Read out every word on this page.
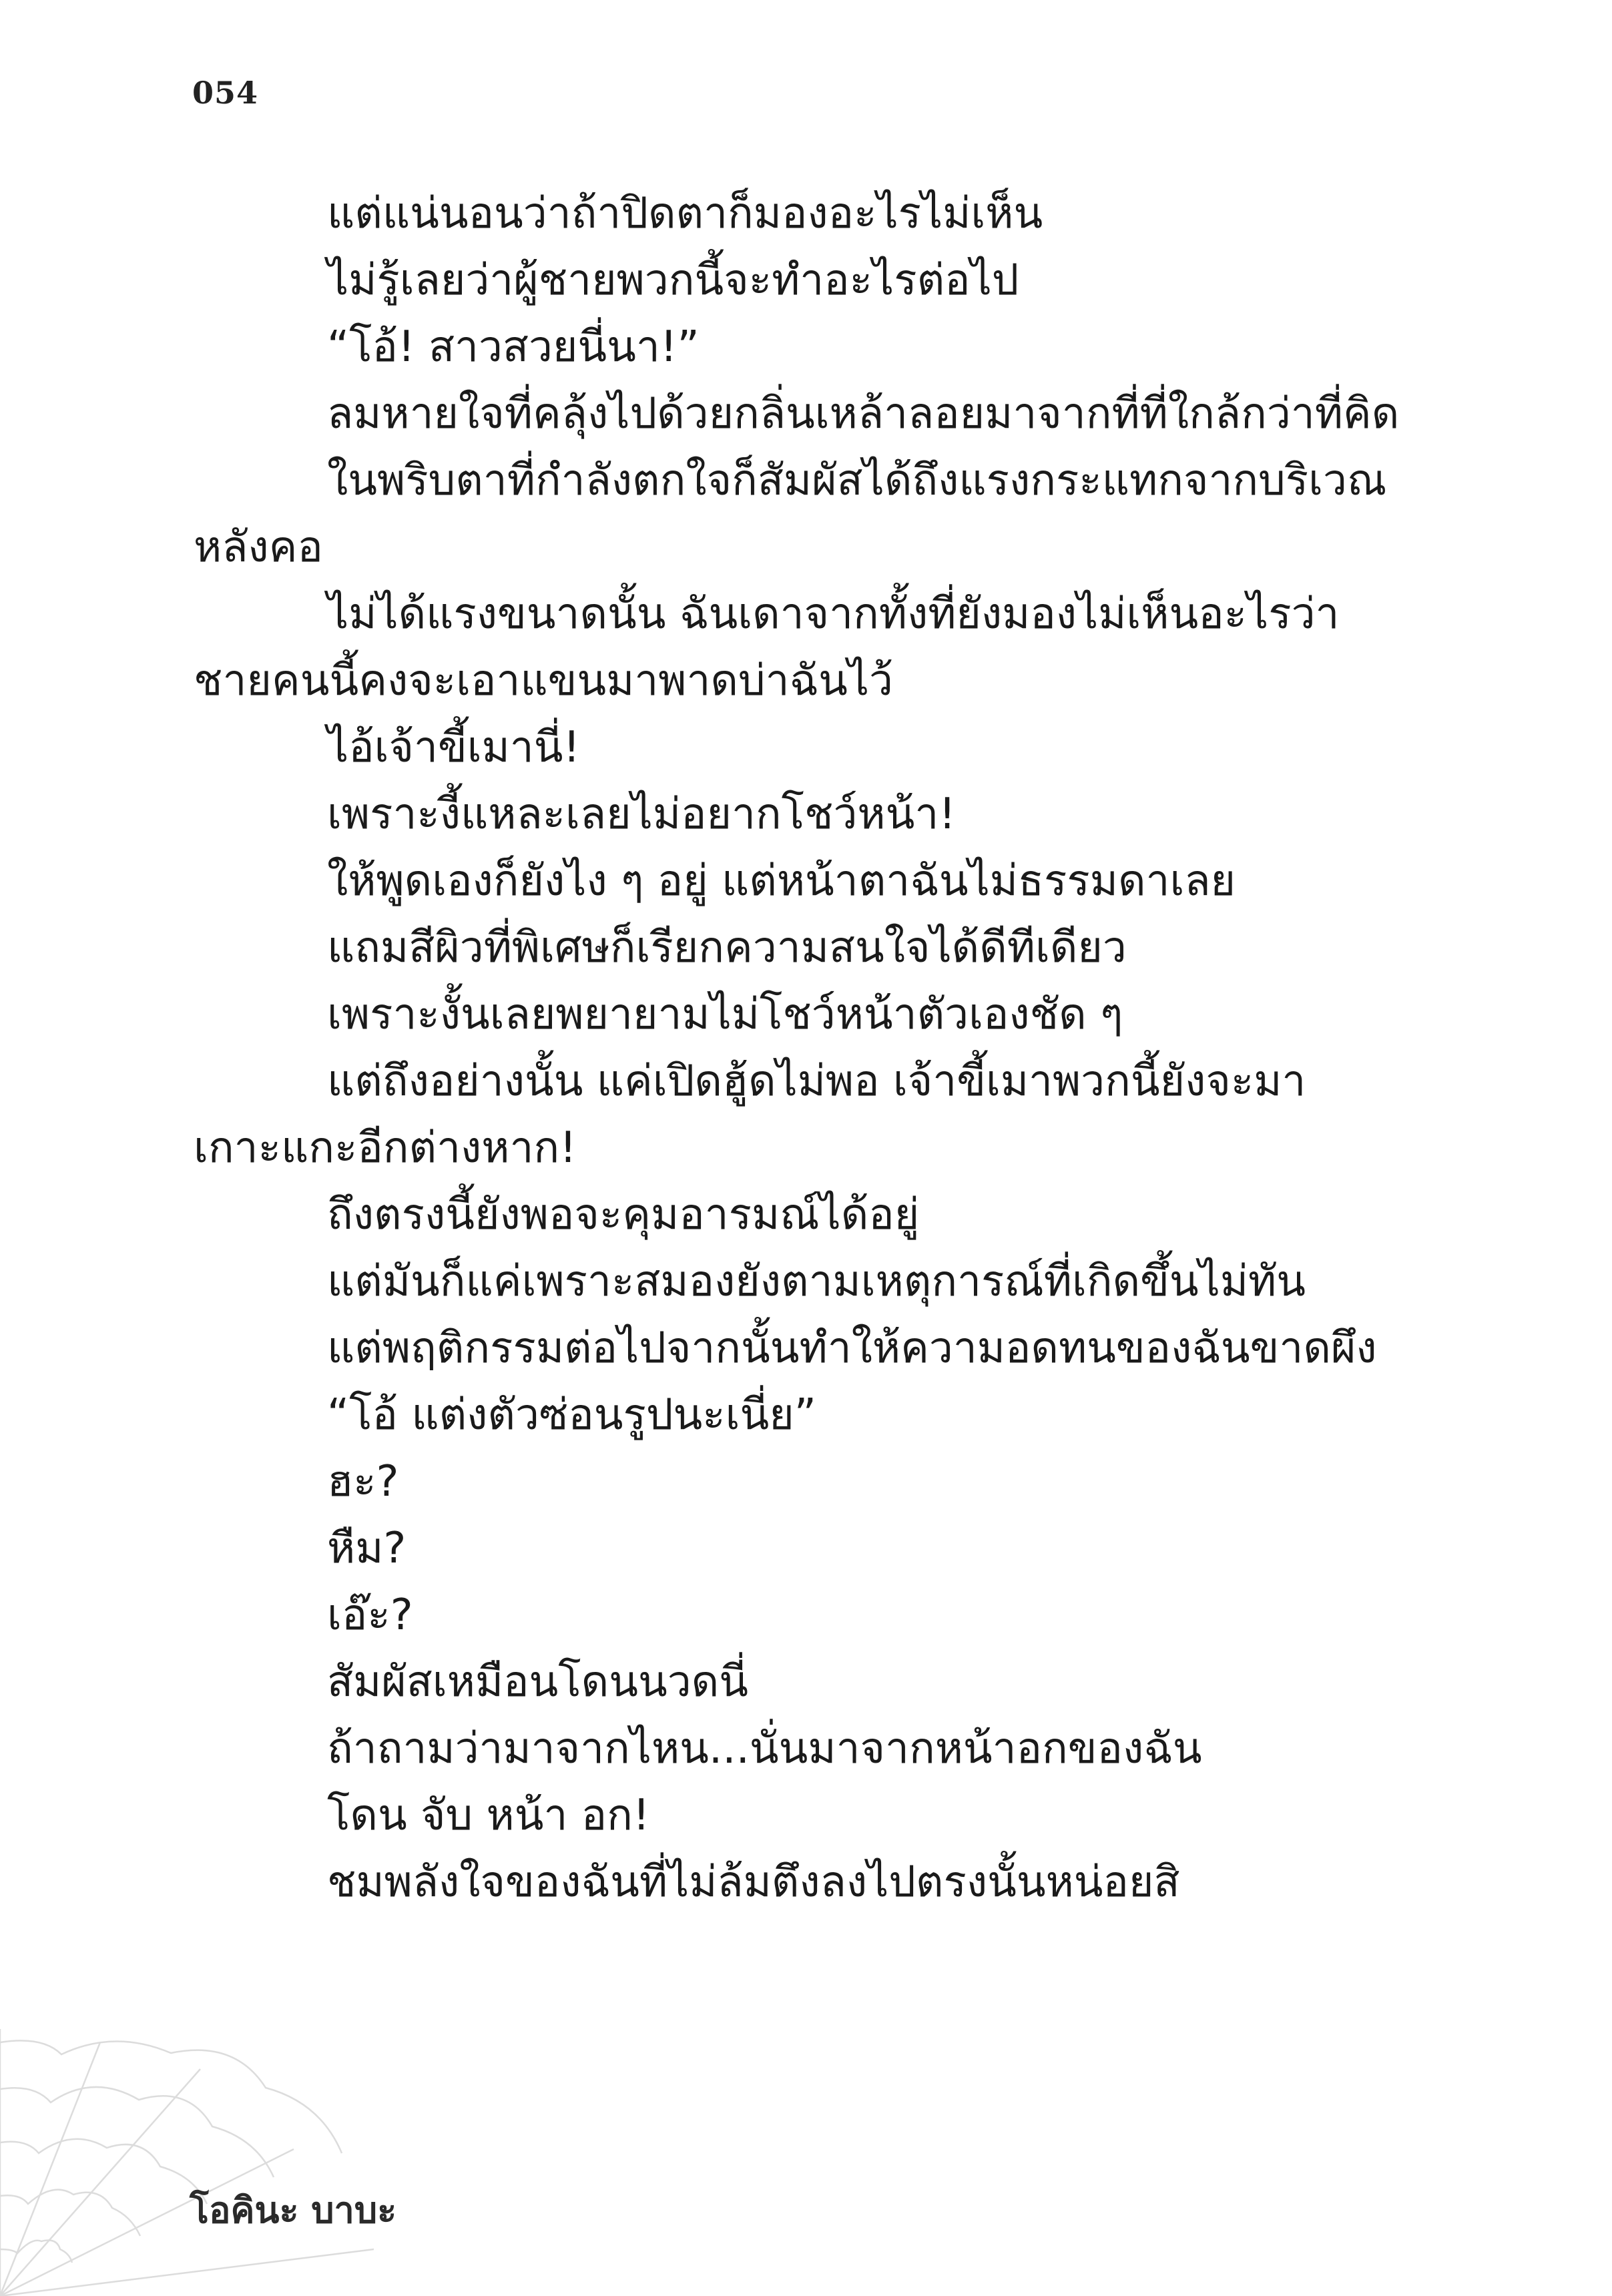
054
แต่แน่นอนว่าถ้าปิดตาก็มองอะไรไม่เห็น
ไม่รู้เลยว่าผู้ชายพวกนี้จะทำอะไรต่อไป
“โอ้! สาวสวยนี่นา!”
ลมหายใจที่คลุ้งไปด้วยกลิ่นเหล้าลอยมาจากที่ที่ใกล้กว่าที่คิด
ในพริบตาที่กำลังตกใจก็สัมผัสได้ถึงแรงกระแทกจากบริเวณ
หลังคอ
ไม่ได้แรงขนาดนั้น ฉันเดาจากทั้งที่ยังมองไม่เห็นอะไรว่า
ชายคนนี้คงจะเอาแขนมาพาดบ่าฉันไว้
ไอ้เจ้าขี้เมานี่!
เพราะงี้แหละเลยไม่อยากโชว์หน้า!
ให้พูดเองก็ยังไง ๆ อยู่ แต่หน้าตาฉันไม่ธรรมดาเลย
แถมสีผิวที่พิเศษก็เรียกความสนใจได้ดีทีเดียว
เพราะงั้นเลยพยายามไม่โชว์หน้าตัวเองชัด ๆ
แต่ถึงอย่างนั้น แค่เปิดฮู้ดไม่พอ เจ้าขี้เมาพวกนี้ยังจะมา
เกาะแกะอีกต่างหาก!
ถึงตรงนี้ยังพอจะคุมอารมณ์ได้อยู่
แต่มันก็แค่เพราะสมองยังตามเหตุการณ์ที่เกิดขึ้นไม่ทัน
แต่พฤติกรรมต่อไปจากนั้นทำให้ความอดทนของฉันขาดผึง
“โอ้ แต่งตัวซ่อนรูปนะเนี่ย”
ฮะ?
หืม?
เอ๊ะ?
สัมผัสเหมือนโดนนวดนี่
ถ้าถามว่ามาจากไหน...นั่นมาจากหน้าอกของฉัน
โดน จับ หน้า อก!
ชมพลังใจของฉันที่ไม่ล้มตึงลงไปตรงนั้นหน่อยสิ
โอคินะ บาบะ
